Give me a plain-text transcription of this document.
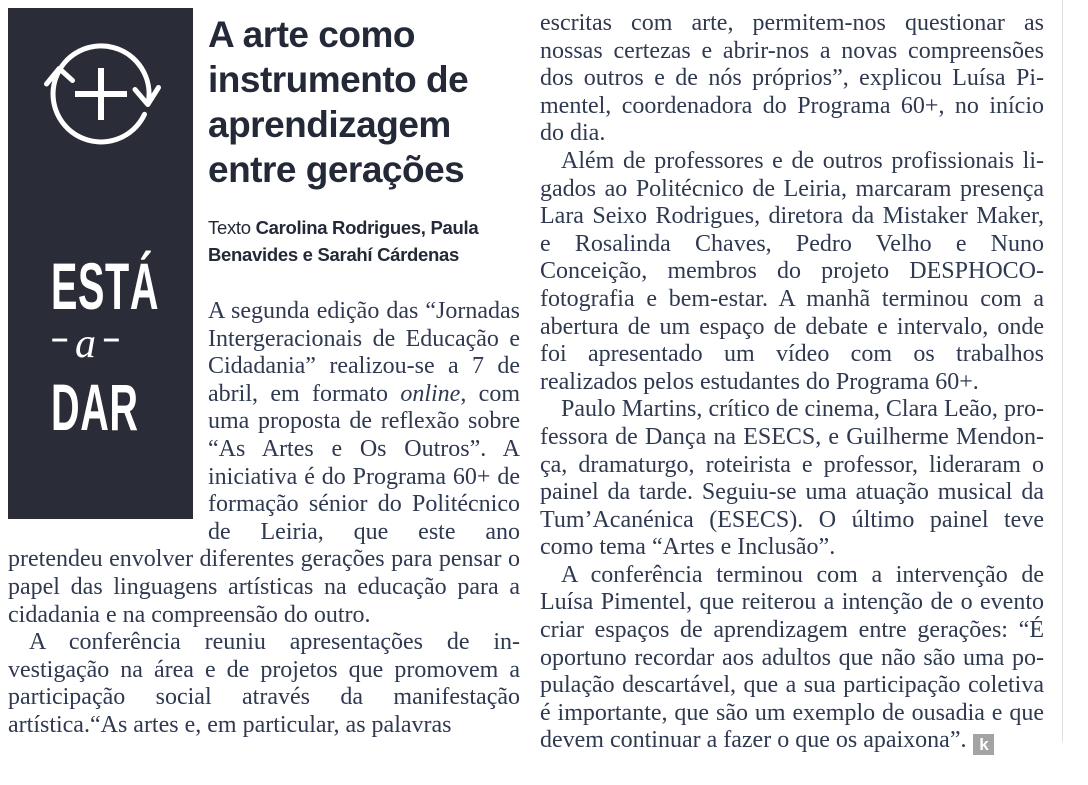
ESTÁ
– a –
DAR
A arte como instrumento de aprendizagem entre gerações
Texto Carolina Rodrigues, Paula Benavides e Sarahí Cárdenas

A segunda edição das “Jornadas Intergeracionais de Educação e Cidadania” realizou-se a 7 de abril, em formato online, com uma proposta de reflexão sobre “As Artes e Os Outros”. A iniciativa é do Programa 60+ de formação sénior do Politécnico de Leiria, que este ano pretendeu envolver diferentes gerações para pensar o papel das linguagens artísticas na educação para a cidadania e na compreensão do outro.

A conferência reuniu apresentações de investigação na área e de projetos que promovem a participação social através da manifestação artística.“As artes e, em particular, as palavras

escritas com arte, permitem-nos questionar as nossas certezas e abrir-nos a novas compreensões dos outros e de nós próprios”, explicou Luísa Pimentel, coordenadora do Programa 60+, no início do dia.

Além de professores e de outros profissionais ligados ao Politécnico de Leiria, marcaram presença Lara Seixo Rodrigues, diretora da Mistaker Maker, e Rosalinda Chaves, Pedro Velho e Nuno Conceição, membros do projeto DESPHOCO-fotografia e bem-estar. A manhã terminou com a abertura de um espaço de debate e intervalo, onde foi apresentado um vídeo com os trabalhos realizados pelos estudantes do Programa 60+.

Paulo Martins, crítico de cinema, Clara Leão, professora de Dança na ESECS, e Guilherme Mendonça, dramaturgo, roteirista e professor, lideraram o painel da tarde. Seguiu-se uma atuação musical da Tum’Acanénica (ESECS). O último painel teve como tema “Artes e Inclusão”.

A conferência terminou com a intervenção de Luísa Pimentel, que reiterou a intenção de o evento criar espaços de aprendizagem entre gerações: “É oportuno recordar aos adultos que não são uma população descartável, que a sua participação coletiva é importante, que são um exemplo de ousadia e que devem continuar a fazer o que os apaixona”. k
